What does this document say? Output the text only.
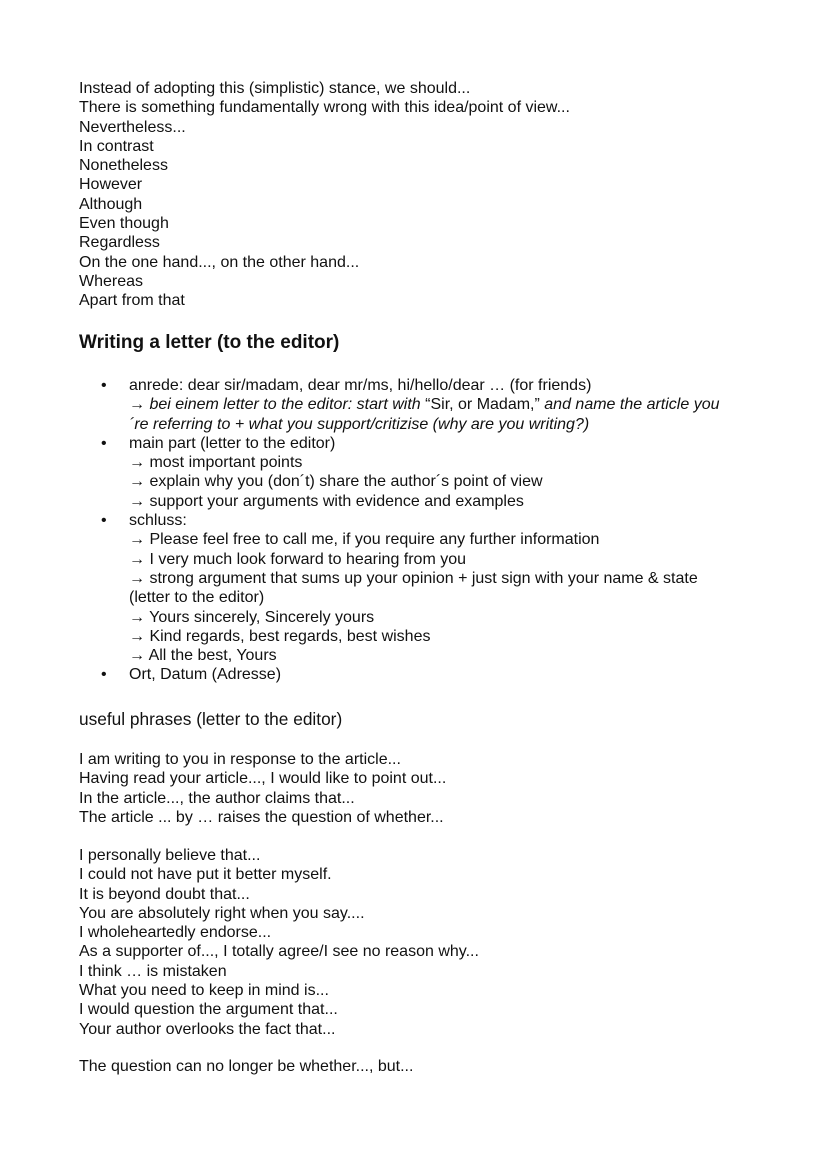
Instead of adopting this (simplistic) stance, we should...
There is something fundamentally wrong with this idea/point of view...
Nevertheless...
In contrast
Nonetheless
However
Although
Even though
Regardless
On the one hand..., on the other hand...
Whereas
Apart from that
Writing a letter (to the editor)
• anrede: dear sir/madam, dear mr/ms, hi/hello/dear … (for friends)
→ bei einem letter to the editor: start with “Sir, or Madam,” and name the article you
´re referring to + what you support/critizise (why are you writing?)
• main part (letter to the editor)
→ most important points
→ explain why you (don´t) share the author´s point of view
→ support your arguments with evidence and examples
• schluss:
→ Please feel free to call me, if you require any further information
→ I very much look forward to hearing from you
→ strong argument that sums up your opinion + just sign with your name & state
(letter to the editor)
→ Yours sincerely, Sincerely yours
→ Kind regards, best regards, best wishes
→ All the best, Yours
• Ort, Datum (Adresse)
useful phrases (letter to the editor)
I am writing to you in response to the article...
Having read your article..., I would like to point out...
In the article..., the author claims that...
The article ... by … raises the question of whether...
I personally believe that...
I could not have put it better myself.
It is beyond doubt that...
You are absolutely right when you say....
I wholeheartedly endorse...
As a supporter of..., I totally agree/I see no reason why...
I think … is mistaken
What you need to keep in mind is...
I would question the argument that...
Your author overlooks the fact that...
The question can no longer be whether..., but...
